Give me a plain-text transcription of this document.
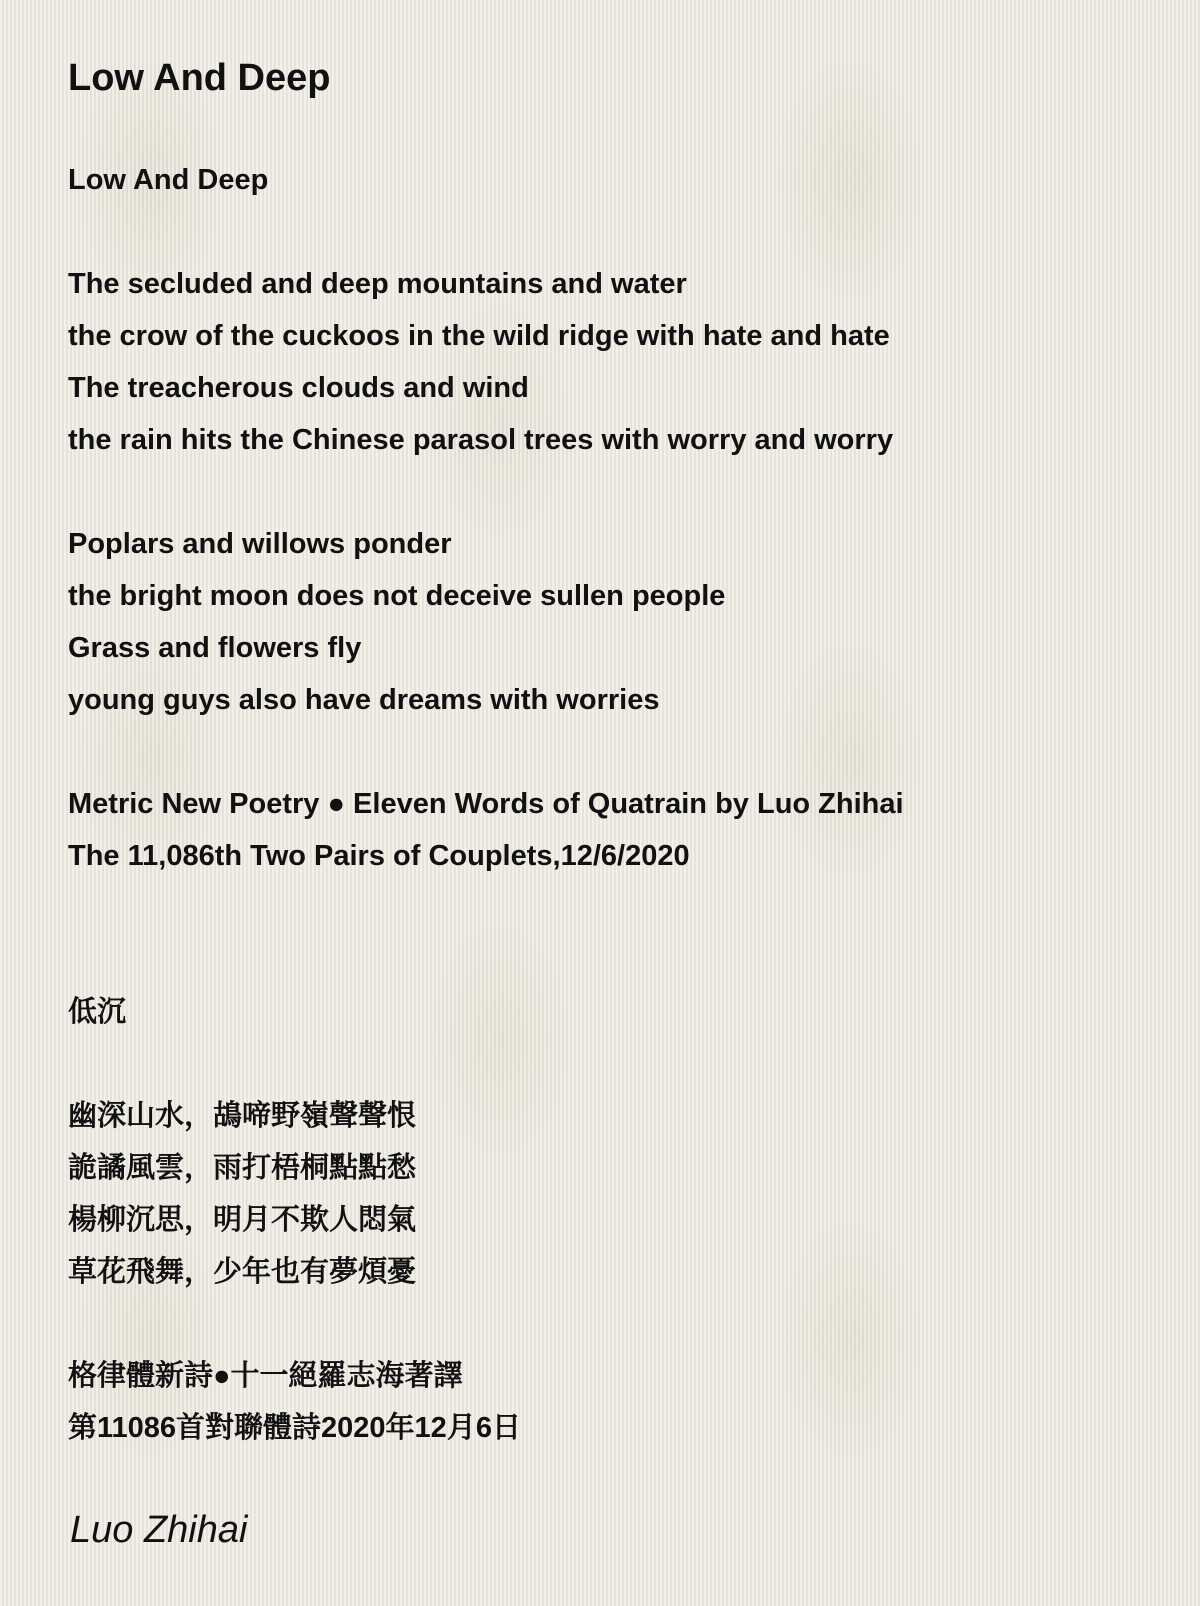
Low And Deep
Low And Deep
The secluded and deep mountains and water
the crow of the cuckoos in the wild ridge with hate and hate
The treacherous clouds and wind
the rain hits the Chinese parasol trees with worry and worry
Poplars and willows ponder
the bright moon does not deceive sullen people
Grass and flowers fly
young guys also have dreams with worries
Metric New Poetry ● Eleven Words of Quatrain by Luo Zhihai
The 11,086th Two Pairs of Couplets,12/6/2020
低沉
幽深山水，鴣啼野嶺聲聲恨
詭譎風雲，雨打梧桐點點愁
楊柳沉思，明月不欺人悶氣
草花飛舞，少年也有夢煩憂
格律體新詩●十一絕羅志海著譯
第11086首對聯體詩2020年12月6日
Luo Zhihai
